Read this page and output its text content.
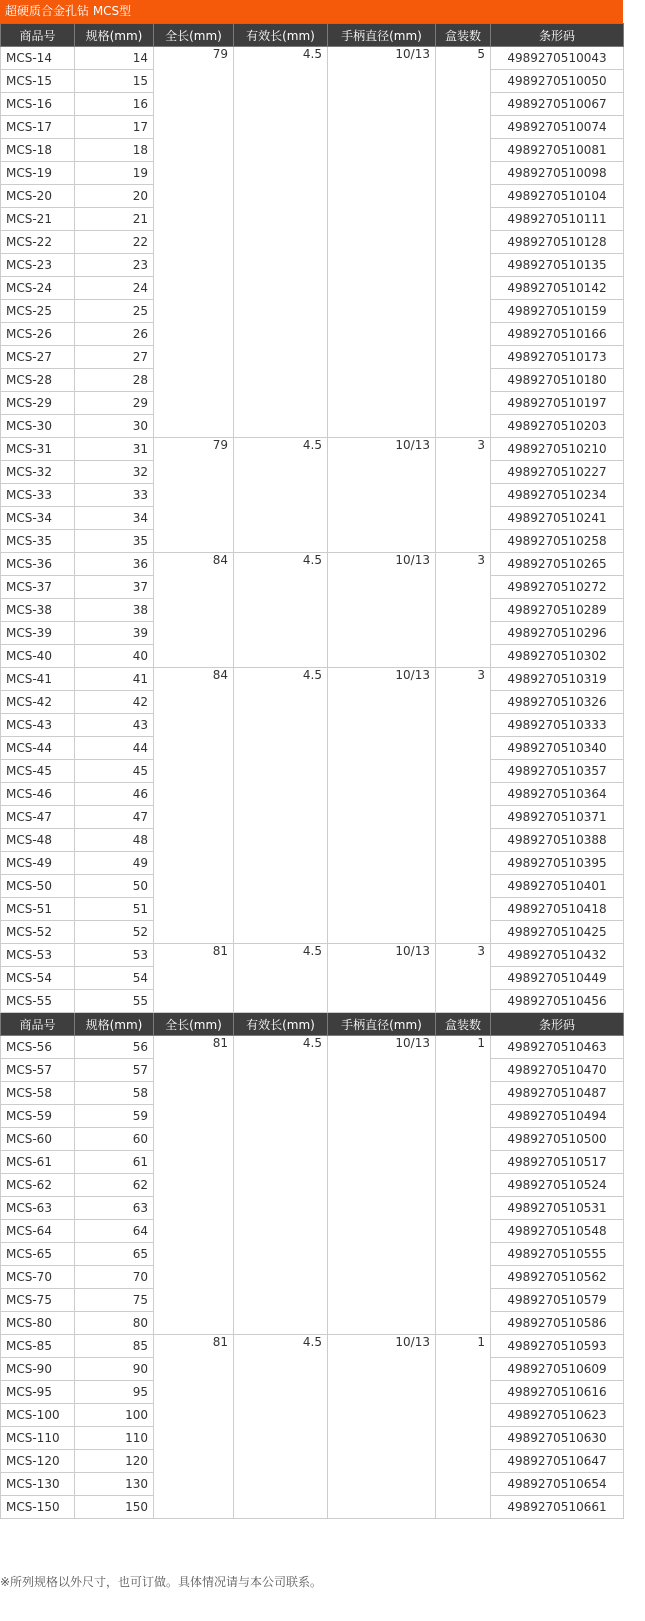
超硬质合金孔钻 MCS型
商品号	规格(mm)	全长(mm)	有效长(mm)	手柄直径(mm)	盒装数	条形码
MCS-14	14	79	4.5	10/13	5	4989270510043
MCS-15	15					4989270510050
MCS-16	16					4989270510067
MCS-17	17					4989270510074
MCS-18	18					4989270510081
MCS-19	19					4989270510098
MCS-20	20					4989270510104
MCS-21	21					4989270510111
MCS-22	22					4989270510128
MCS-23	23					4989270510135
MCS-24	24					4989270510142
MCS-25	25					4989270510159
MCS-26	26					4989270510166
MCS-27	27					4989270510173
MCS-28	28					4989270510180
MCS-29	29					4989270510197
MCS-30	30					4989270510203
MCS-31	31	79	4.5	10/13	3	4989270510210
MCS-32	32					4989270510227
MCS-33	33					4989270510234
MCS-34	34					4989270510241
MCS-35	35					4989270510258
MCS-36	36	84	4.5	10/13	3	4989270510265
MCS-37	37					4989270510272
MCS-38	38					4989270510289
MCS-39	39					4989270510296
MCS-40	40					4989270510302
MCS-41	41	84	4.5	10/13	3	4989270510319
MCS-42	42					4989270510326
MCS-43	43					4989270510333
MCS-44	44					4989270510340
MCS-45	45					4989270510357
MCS-46	46					4989270510364
MCS-47	47					4989270510371
MCS-48	48					4989270510388
MCS-49	49					4989270510395
MCS-50	50					4989270510401
MCS-51	51					4989270510418
MCS-52	52					4989270510425
MCS-53	53	81	4.5	10/13	3	4989270510432
MCS-54	54					4989270510449
MCS-55	55					4989270510456
商品号	规格(mm)	全长(mm)	有效长(mm)	手柄直径(mm)	盒装数	条形码
MCS-56	56	81	4.5	10/13	1	4989270510463
MCS-57	57					4989270510470
MCS-58	58					4989270510487
MCS-59	59					4989270510494
MCS-60	60					4989270510500
MCS-61	61					4989270510517
MCS-62	62					4989270510524
MCS-63	63					4989270510531
MCS-64	64					4989270510548
MCS-65	65					4989270510555
MCS-70	70					4989270510562
MCS-75	75					4989270510579
MCS-80	80					4989270510586
MCS-85	85	81	4.5	10/13	1	4989270510593
MCS-90	90					4989270510609
MCS-95	95					4989270510616
MCS-100	100					4989270510623
MCS-110	110					4989270510630
MCS-120	120					4989270510647
MCS-130	130					4989270510654
MCS-150	150					4989270510661
※所列规格以外尺寸，也可订做。具体情况请与本公司联系。
